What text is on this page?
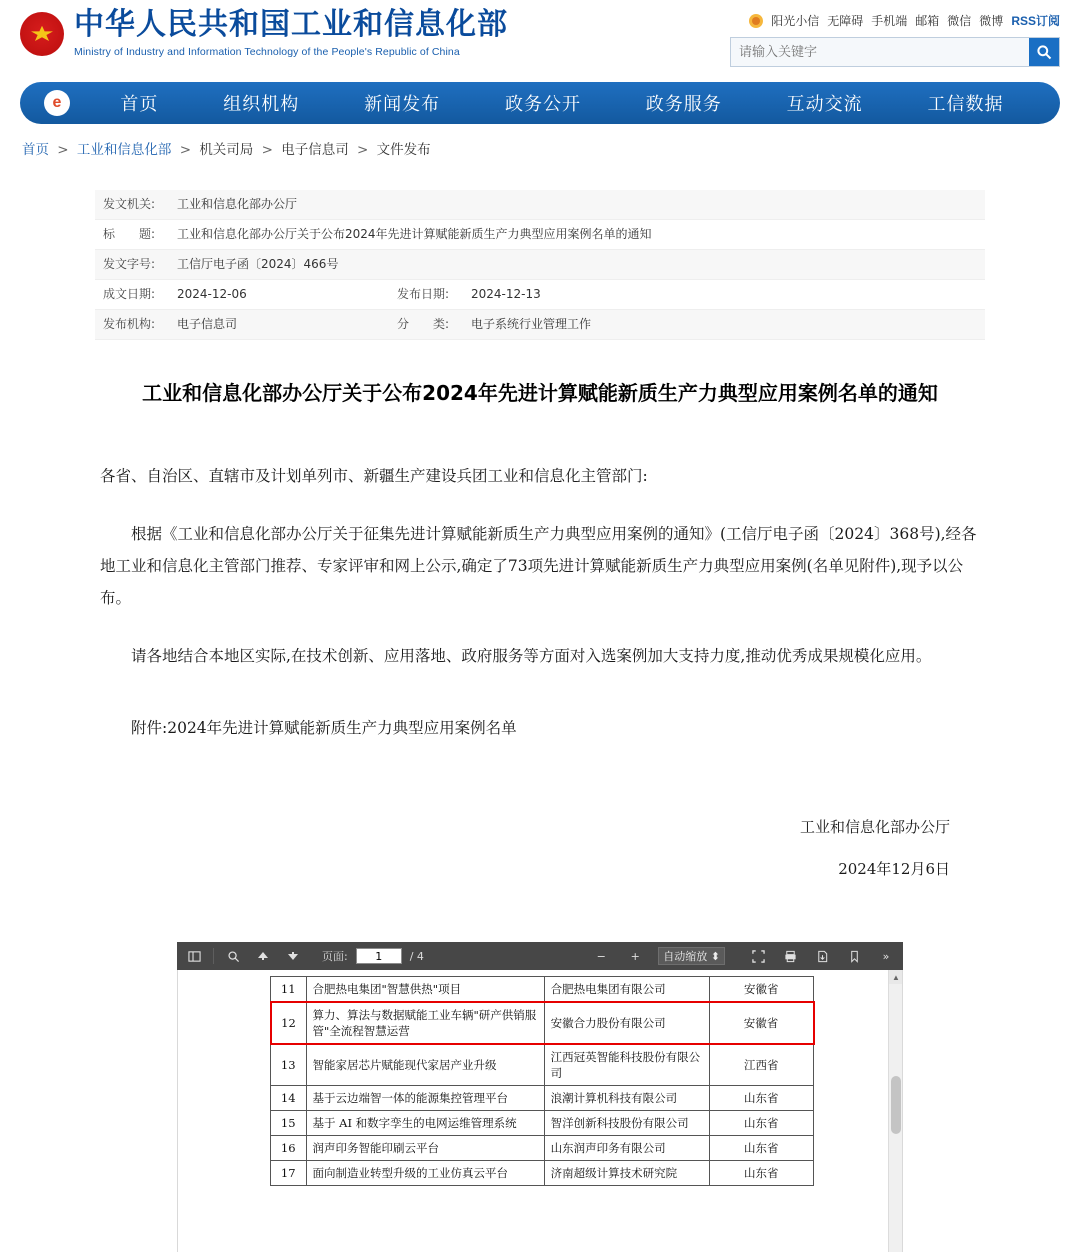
中华人民共和国工业和信息化部
Ministry of Industry and Information Technology of the People's Republic of China
阳光小信 无障碍 手机端 邮箱 微信 微博 RSS订阅
请输入关键字
e	首页	组织机构	新闻发布	政务公开	政务服务	互动交流	工信数据
首页 > 工业和信息化部 > 机关司局 > 电子信息司 > 文件发布
发文机关:	工业和信息化部办公厅
标　　题:	工业和信息化部办公厅关于公布2024年先进计算赋能新质生产力典型应用案例名单的通知
发文字号:	工信厅电子函〔2024〕466号
成文日期:	2024-12-06	发布日期:	2024-12-13
发布机构:	电子信息司	分　　类:	电子系统行业管理工作
工业和信息化部办公厅关于公布2024年先进计算赋能新质生产力典型应用案例名单的通知

各省、自治区、直辖市及计划单列市、新疆生产建设兵团工业和信息化主管部门:

根据《工业和信息化部办公厅关于征集先进计算赋能新质生产力典型应用案例的通知》(工信厅电子函〔2024〕368号),经各地工业和信息化主管部门推荐、专家评审和网上公示,确定了73项先进计算赋能新质生产力典型应用案例(名单见附件),现予以公布。

请各地结合本地区实际,在技术创新、应用落地、政府服务等方面对入选案例加大支持力度,推动优秀成果规模化应用。

附件:2024年先进计算赋能新质生产力典型应用案例名单

工业和信息化部办公厅
2024年12月6日
页面:
1	/ 4	−	+	自动缩放 ⬍	»
11	合肥热电集团"智慧供热"项目	合肥热电集团有限公司	安徽省
12	算力、算法与数据赋能工业车辆"研产供销服管"全流程智慧运营	安徽合力股份有限公司	安徽省
13	智能家居芯片赋能现代家居产业升级	江西冠英智能科技股份有限公司	江西省
14	基于云边端智一体的能源集控管理平台	浪潮计算机科技有限公司	山东省
15	基于 AI 和数字孪生的电网运维管理系统	智洋创新科技股份有限公司	山东省
16	润声印务智能印刷云平台	山东润声印务有限公司	山东省
17	面向制造业转型升级的工业仿真云平台	济南超级计算技术研究院	山东省
▲
